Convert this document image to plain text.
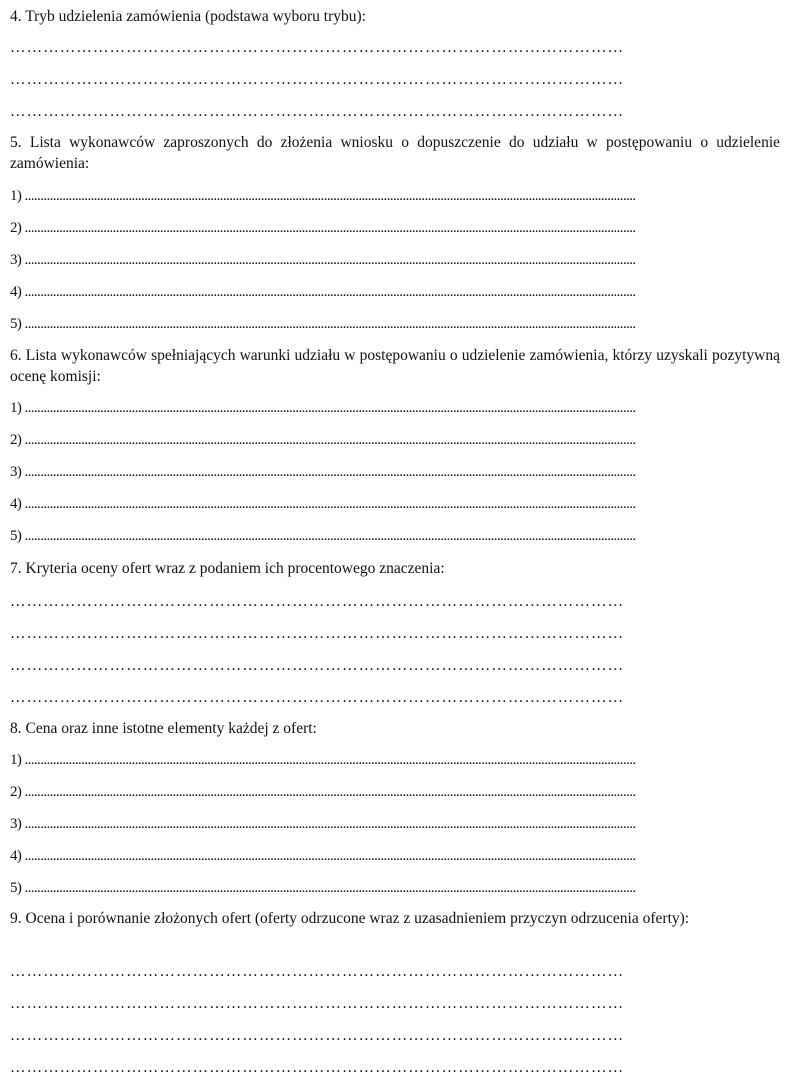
4. Tryb udzielenia zamówienia (podstawa wyboru trybu):
…………………………………………………………………………………………………
…………………………………………………………………………………………………
…………………………………………………………………………………………………
5. Lista wykonawców zaproszonych do złożenia wniosku o dopuszczenie do udziału w postępowaniu o udzielenie zamówienia:
1) ..................................................................................................................................................................................................
2) ..................................................................................................................................................................................................
3) ..................................................................................................................................................................................................
4) ..................................................................................................................................................................................................
5) ..................................................................................................................................................................................................
6. Lista wykonawców spełniających warunki udziału w postępowaniu o udzielenie zamówienia, którzy uzyskali pozytywną ocenę komisji:
1) ..................................................................................................................................................................................................
2) ..................................................................................................................................................................................................
3) ..................................................................................................................................................................................................
4) ..................................................................................................................................................................................................
5) ..................................................................................................................................................................................................
7. Kryteria oceny ofert wraz z podaniem ich procentowego znaczenia:
…………………………………………………………………………………………………
…………………………………………………………………………………………………
…………………………………………………………………………………………………
…………………………………………………………………………………………………
8. Cena oraz inne istotne elementy każdej z ofert:
1) ..................................................................................................................................................................................................
2) ..................................................................................................................................................................................................
3) ..................................................................................................................................................................................................
4) ..................................................................................................................................................................................................
5) ..................................................................................................................................................................................................
9. Ocena i porównanie złożonych ofert (oferty odrzucone wraz z uzasadnieniem przyczyn odrzucenia oferty):
…………………………………………………………………………………………………
…………………………………………………………………………………………………
…………………………………………………………………………………………………
…………………………………………………………………………………………………
